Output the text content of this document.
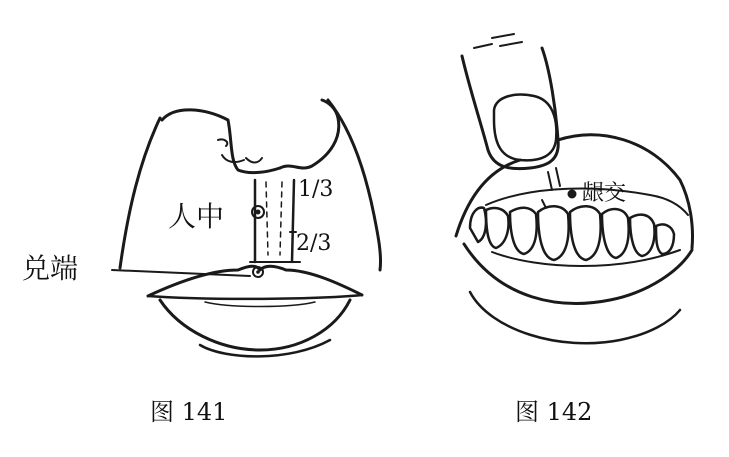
人中
1/3
2/3
兑端
图 141
龈交
图 142
